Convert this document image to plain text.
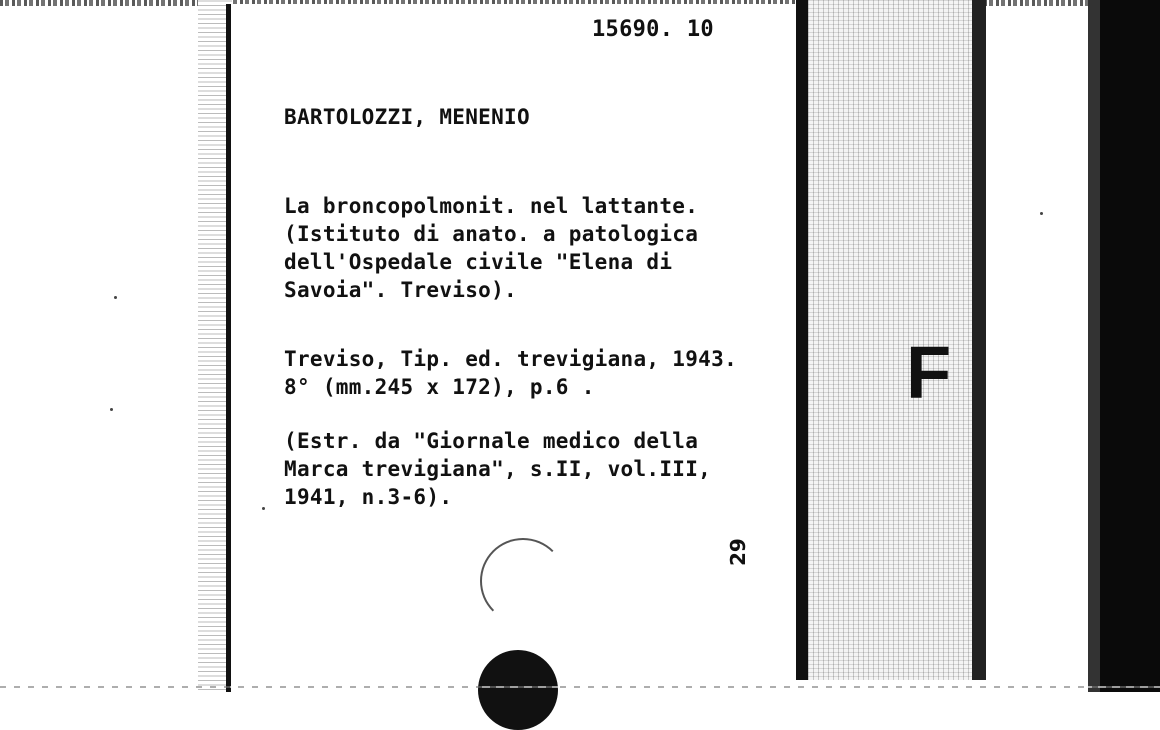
15690. 10
BARTOLOZZI, MENENIO
La broncopolmonit. nel lattante.
(Istituto di anato. a patologica
dell'Ospedale civile "Elena di
Savoia". Treviso).
Treviso, Tip. ed. trevigiana, 1943.
8° (mm.245 x 172), p.6 .
(Estr. da "Giornale medico della
Marca trevigiana", s.II, vol.III,
1941, n.3-6).
29
F
